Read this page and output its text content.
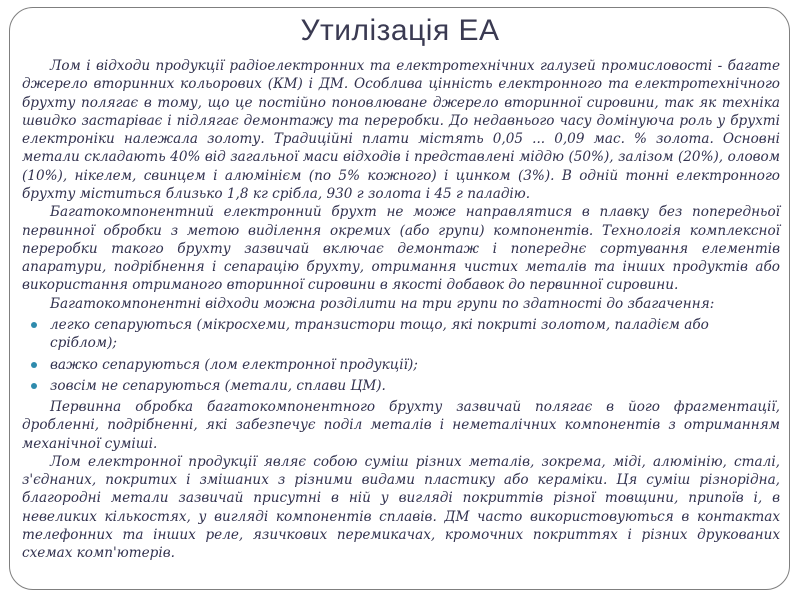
Утилізація ЕА

Лом і відходи продукції радіоелектронних та електротехнічних галузей промисловості - багате джерело вторинних кольорових (КМ) і ДМ. Особлива цінність електронного та електротехнічного брухту полягає в тому, що це постійно поновлюване джерело вторинної сировини, так як техніка швидко застаріває і підлягає демонтажу та переробки. До недавнього часу домінуюча роль у брухті електроніки належала золоту. Традиційні плати містять 0,05 ... 0,09 мас. % золота. Основні метали складають 40% від загальної маси відходів і представлені міддю (50%), залізом (20%), оловом (10%), нікелем, свинцем і алюмінієм (по 5% кожного) і цинком (3%). В одній тонні електронного брухту міститься близько 1,8 кг срібла, 930 г золота і 45 г паладію.

Багатокомпонентний електронний брухт не може направлятися в плавку без попередньої первинної обробки з метою виділення окремих (або групи) компонентів. Технологія комплексної переробки такого брухту зазвичай включає демонтаж і попереднє сортування елементів апаратури, подрібнення і сепарацію брухту, отримання чистих металів та інших продуктів або використання отриманого вторинної сировини в якості добавок до первинної сировини.

Багатокомпонентні відходи можна розділити на три групи по здатності до збагачення:

легко сепаруються (мікросхеми, транзистори тощо, які покриті золотом, паладієм або сріблом);
важко сепаруються (лом електронної продукції);
зовсім не сепаруються (метали, сплави ЦМ).

Первинна обробка багатокомпонентного брухту зазвичай полягає в його фрагментації, дробленні, подрібненні, які забезпечує поділ металів і неметалічних компонентів з отриманням механічної суміші.

Лом електронної продукції являє собою суміш різних металів, зокрема, міді, алюмінію, сталі, з'єднаних, покритих і змішаних з різними видами пластику або кераміки. Ця суміш різнорідна, благородні метали зазвичай присутні в ній у вигляді покриттів різної товщини, припоїв і, в невеликих кількостях, у вигляді компонентів сплавів. ДМ часто використовуються в контактах телефонних та інших реле, язичкових перемикачах, кромочних покриттях і різних друкованих схемах комп'ютерів.
